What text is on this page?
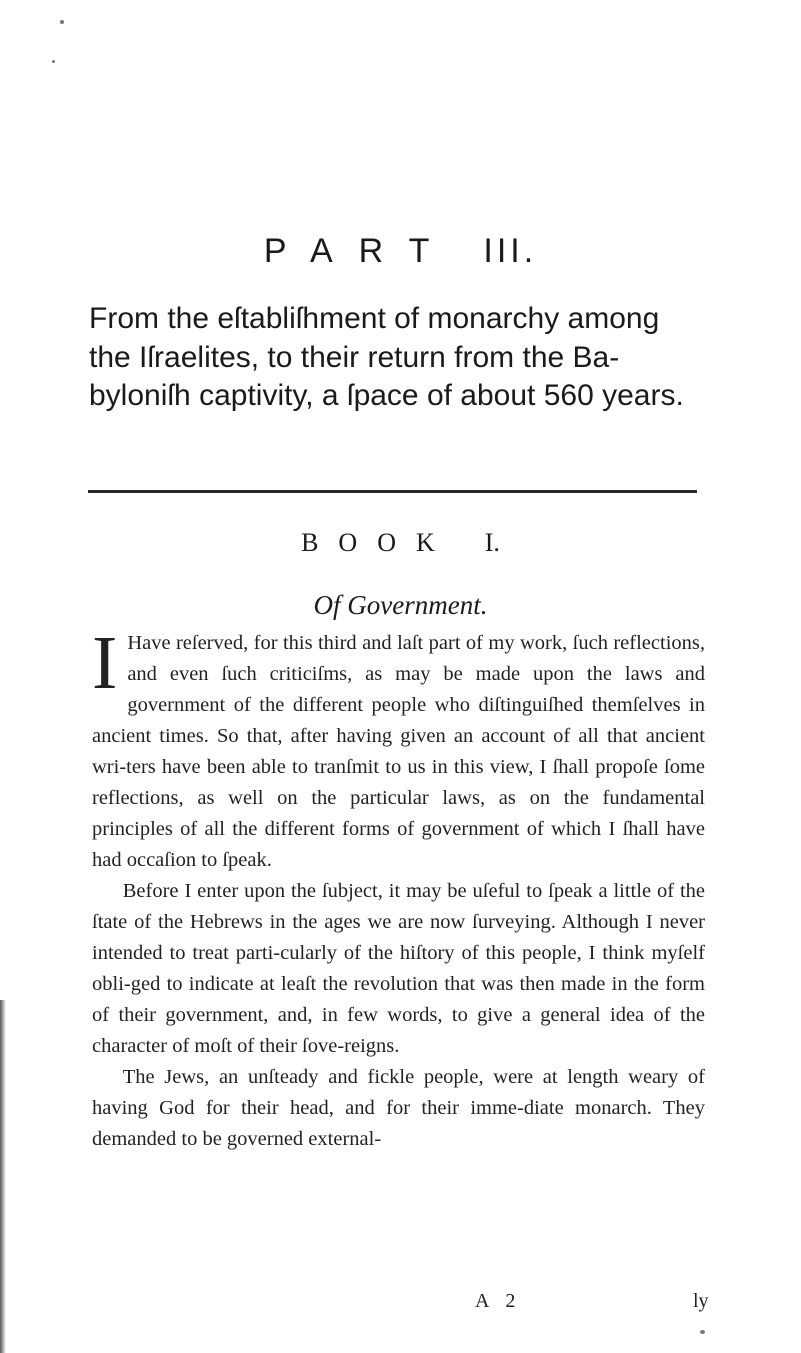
PART III.

From the eſtabliſhment of monarchy among the Iſraelites, to their return from the Ba-byloniſh captivity, a ſpace of about 560 years.

BOOK I.
Of Government.

I Have reſerved, for this third and laſt part of my work, ſuch reflections, and even ſuch criticiſms, as may be made upon the laws and government of the different people who diſtinguiſhed themſelves in ancient times. So that, after having given an account of all that ancient wri-ters have been able to tranſmit to us in this view, I ſhall propoſe ſome reflections, as well on the particular laws, as on the fundamental principles of all the different forms of government of which I ſhall have had occaſion to ſpeak.

Before I enter upon the ſubject, it may be uſeful to ſpeak a little of the ſtate of the Hebrews in the ages we are now ſurveying. Although I never intended to treat parti-cularly of the hiſtory of this people, I think myſelf obli-ged to indicate at leaſt the revolution that was then made in the form of their government, and, in few words, to give a general idea of the character of moſt of their ſove-reigns.

The Jews, an unſteady and fickle people, were at length weary of having God for their head, and for their imme-diate monarch. They demanded to be governed external-

A 2	ly
